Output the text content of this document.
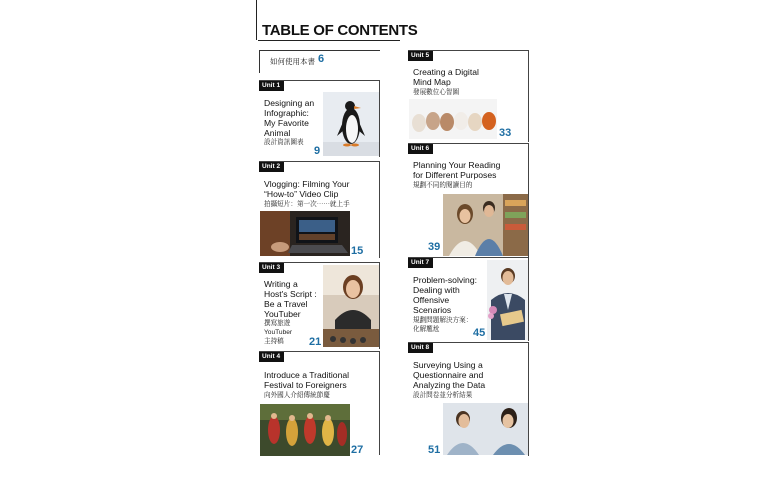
TABLE OF CONTENTS
如何使用本書 6
Unit 1
Designing an
Infographic:
My Favorite
Animal
設計資訊圖表
9
Unit 2
Vlogging: Filming Your
“How-to” Video Clip
拍攝短片：第一次⋯⋯就上手
15
Unit 3
Writing a
Host's Script :
Be a Travel
YouTuber
撰寫旅遊
YouTuber
主持稿	21
Unit 4
Introduce a Traditional
Festival to Foreigners
向外國人介紹傳統節慶
27
Unit 5
Creating a Digital
Mind Map
發展數位心智圖
33
Unit 6
Planning Your Reading
for Different Purposes
規劃不同的閱讀目的
39
Unit 7
Problem-solving:
Dealing with
Offensive
Scenarios
規劃問題解決方案：
化解尷尬	45
Unit 8
Surveying Using a
Questionnaire and
Analyzing the Data
設計問卷並分析結果
51
